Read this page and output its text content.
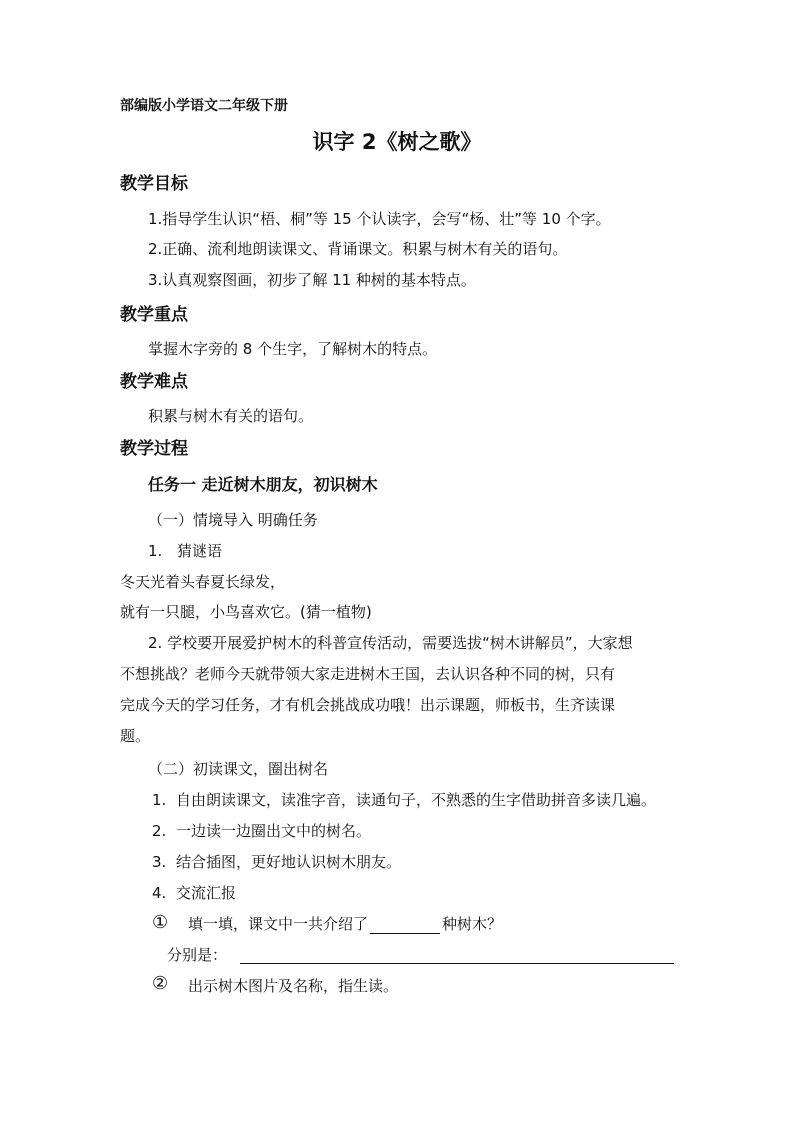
部编版小学语文二年级下册
识字 2《树之歌》
教学目标
1.指导学生认识“梧、桐”等 15 个认读字，会写“杨、壮”等 10 个字。
2.正确、流利地朗读课文、背诵课文。积累与树木有关的语句。
3.认真观察图画，初步了解 11 种树的基本特点。
教学重点
掌握木字旁的 8 个生字，了解树木的特点。
教学难点
积累与树木有关的语句。
教学过程
任务一 走近树木朋友，初识树木
（一）情境导入 明确任务
1. 猜谜语
冬天光着头春夏长绿发，
就有一只腿，小鸟喜欢它。(猜一植物)
2. 学校要开展爱护树木的科普宣传活动，需要选拔“树木讲解员”，大家想
不想挑战？老师今天就带领大家走进树木王国，去认识各种不同的树，只有
完成今天的学习任务，才有机会挑战成功哦！出示课题，师板书，生齐读课
题。
（二）初读课文，圈出树名
1. 自由朗读课文，读准字音，读通句子，不熟悉的生字借助拼音多读几遍。
2. 一边读一边圈出文中的树名。
3. 结合插图，更好地认识树木朋友。
4. 交流汇报
① 填一填，课文中一共介绍了	种树木？
分别是：
② 出示树木图片及名称，指生读。
